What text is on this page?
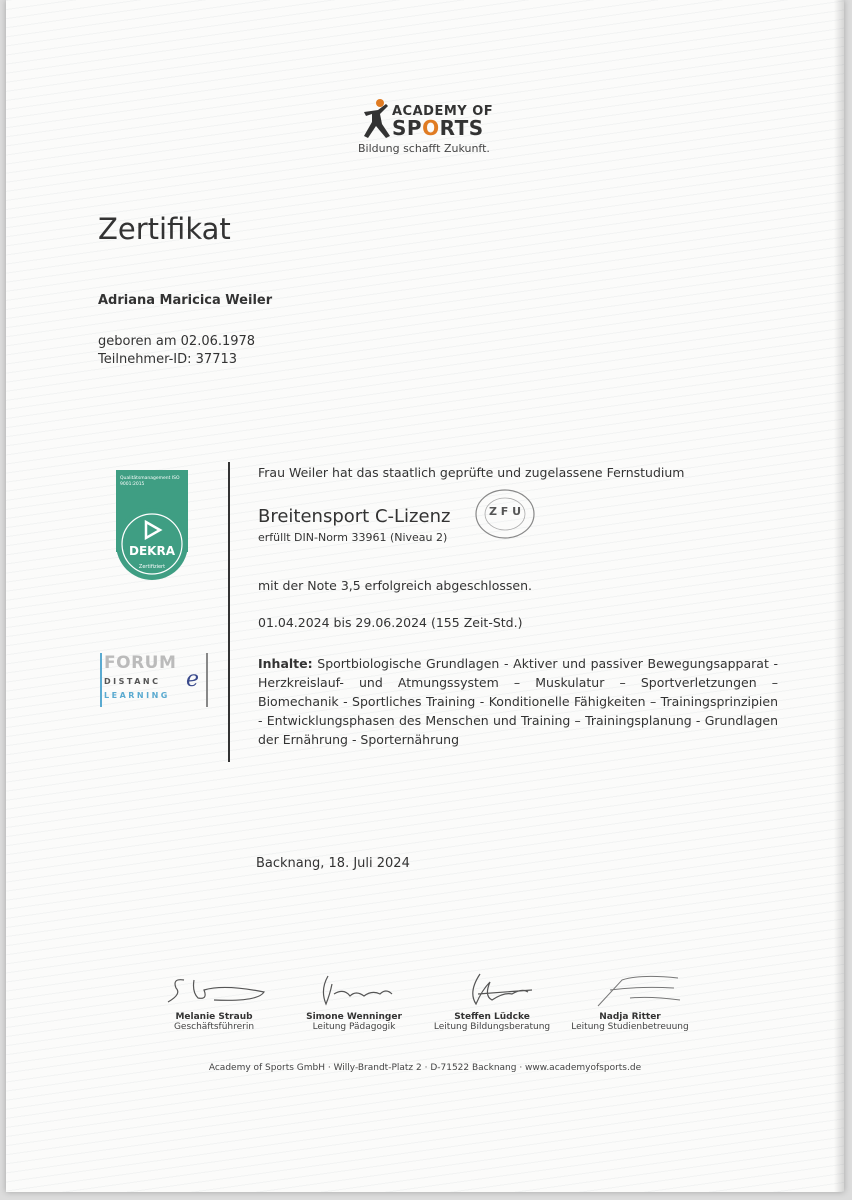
ACADEMY OF
SPORTS
Bildung schafft Zukunft.
Zertifikat
Adriana Maricica Weiler
geboren am 02.06.1978
Teilnehmer-ID: 37713
Qualitätsmanagement ISO 9001:2015
DEKRA
Zertifiziert
FORUM
DISTANC e
LEARNING
Frau Weiler hat das staatlich geprüfte und zugelassene Fernstudium
Breitensport C-Lizenz
erfüllt DIN-Norm 33961 (Niveau 2)
Z F U
mit der Note 3,5 erfolgreich abgeschlossen.
01.04.2024 bis 29.06.2024 (155 Zeit-Std.)
Inhalte: Sportbiologische Grundlagen - Aktiver und passiver Bewegungsapparat - Herzkreislauf- und Atmungssystem – Muskulatur – Sportverletzungen – Biomechanik - Sportliches Training - Konditionelle Fähigkeiten – Trainingsprinzipien - Entwicklungsphasen des Menschen und Training – Trainingsplanung - Grundlagen der Ernährung - Sporternährung
Backnang, 18. Juli 2024
Melanie Straub
Geschäftsführerin
Simone Wenninger
Leitung Pädagogik
Steffen Lüdcke
Leitung Bildungsberatung
Nadja Ritter
Leitung Studienbetreuung
Academy of Sports GmbH · Willy-Brandt-Platz 2 · D-71522 Backnang · www.academyofsports.de
